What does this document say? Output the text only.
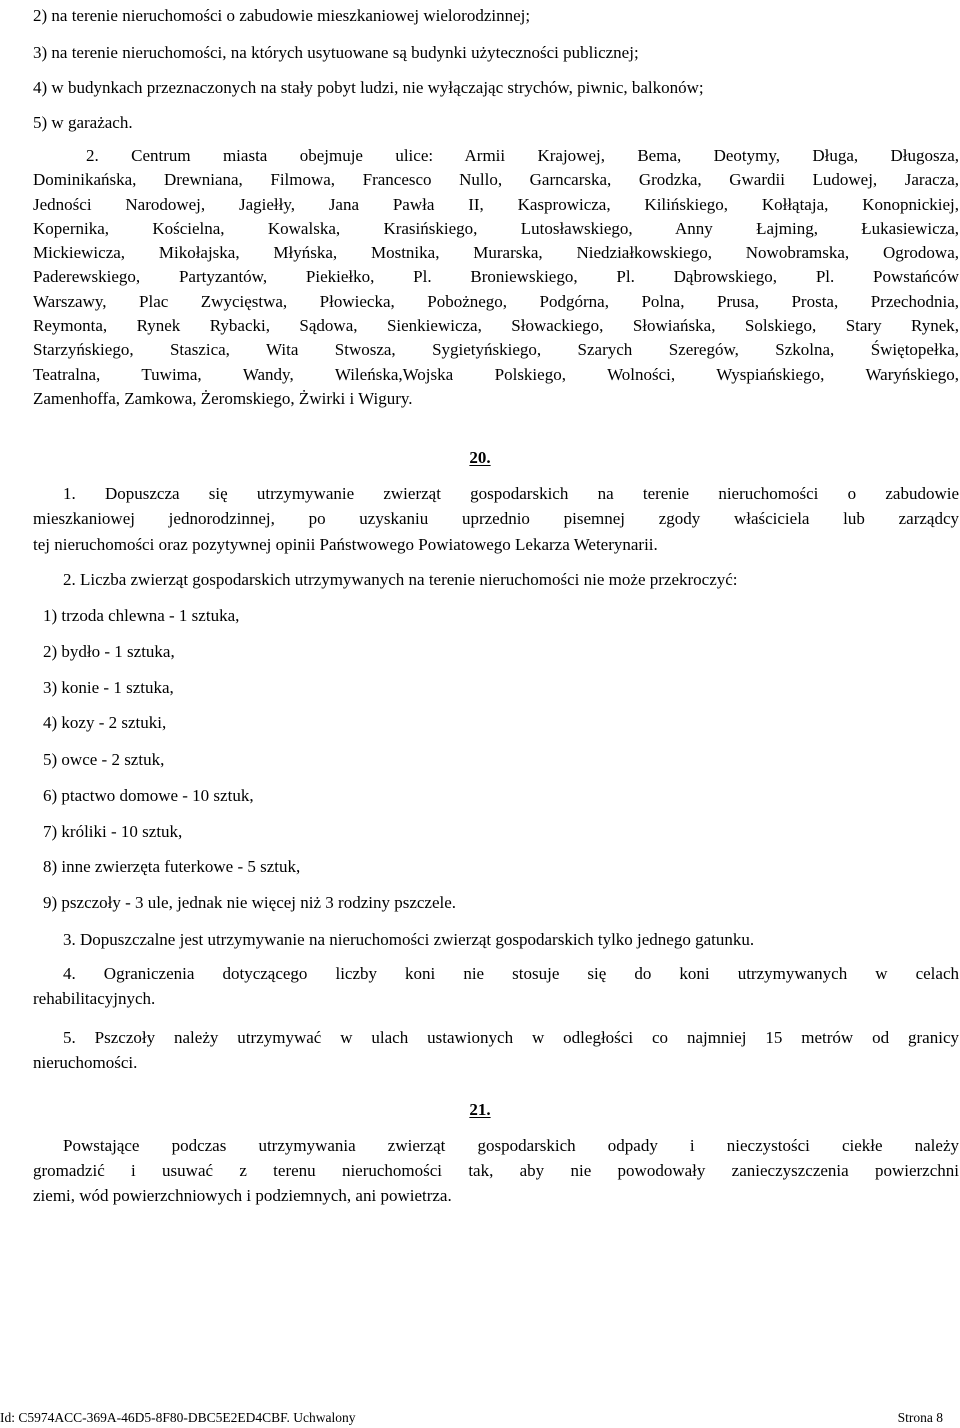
2) na terenie nieruchomości o zabudowie mieszkaniowej wielorodzinnej;
3) na terenie nieruchomości, na których usytuowane są budynki użyteczności publicznej;
4) w budynkach przeznaczonych na stały pobyt ludzi, nie wyłączając strychów, piwnic, balkonów;
5) w garażach.
2. Centrum miasta obejmuje ulice: Armii Krajowej, Bema, Deotymy, Długa, Długosza,
Dominikańska, Drewniana, Filmowa, Francesco Nullo, Garncarska, Grodzka, Gwardii Ludowej, Jaracza,
Jedności Narodowej, Jagiełły, Jana Pawła II, Kasprowicza, Kilińskiego, Kołłątaja, Konopnickiej,
Kopernika, Kościelna, Kowalska, Krasińskiego, Lutosławskiego, Anny Łajming, Łukasiewicza,
Mickiewicza, Mikołajska, Młyńska, Mostnika, Murarska, Niedziałkowskiego, Nowobramska, Ogrodowa,
Paderewskiego, Partyzantów, Piekiełko, Pl. Broniewskiego, Pl. Dąbrowskiego, Pl. Powstańców
Warszawy, Plac Zwycięstwa, Płowiecka, Pobożnego, Podgórna, Polna, Prusa, Prosta, Przechodnia,
Reymonta, Rynek Rybacki, Sądowa, Sienkiewicza, Słowackiego, Słowiańska, Solskiego, Stary Rynek,
Starzyńskiego, Staszica, Wita Stwosza, Sygietyńskiego, Szarych Szeregów, Szkolna, Świętopełka,
Teatralna, Tuwima, Wandy, Wileńska,Wojska Polskiego, Wolności, Wyspiańskiego, Waryńskiego,
Zamenhoffa, Zamkowa, Żeromskiego, Żwirki i Wigury.
20.
1. Dopuszcza się utrzymywanie zwierząt gospodarskich na terenie nieruchomości o zabudowie
mieszkaniowej jednorodzinnej, po uzyskaniu uprzednio pisemnej zgody właściciela lub zarządcy
tej nieruchomości oraz pozytywnej opinii Państwowego Powiatowego Lekarza Weterynarii.
2. Liczba zwierząt gospodarskich utrzymywanych na terenie nieruchomości nie może przekroczyć:
1) trzoda chlewna - 1 sztuka,
2) bydło - 1 sztuka,
3) konie - 1 sztuka,
4) kozy - 2 sztuki,
5) owce - 2 sztuk,
6) ptactwo domowe - 10 sztuk,
7) króliki - 10 sztuk,
8) inne zwierzęta futerkowe - 5 sztuk,
9) pszczoły - 3 ule, jednak nie więcej niż 3 rodziny pszczele.
3. Dopuszczalne jest utrzymywanie na nieruchomości zwierząt gospodarskich tylko jednego gatunku.
4. Ograniczenia dotyczącego liczby koni nie stosuje się do koni utrzymywanych w celach
rehabilitacyjnych.
5. Pszczoły należy utrzymywać w ulach ustawionych w odległości co najmniej 15 metrów od granicy
nieruchomości.
21.
Powstające podczas utrzymywania zwierząt gospodarskich odpady i nieczystości ciekłe należy
gromadzić i usuwać z terenu nieruchomości tak, aby nie powodowały zanieczyszczenia powierzchni
ziemi, wód powierzchniowych i podziemnych, ani powietrza.
Id: C5974ACC-369A-46D5-8F80-DBC5E2ED4CBF. Uchwalony	Strona 8
